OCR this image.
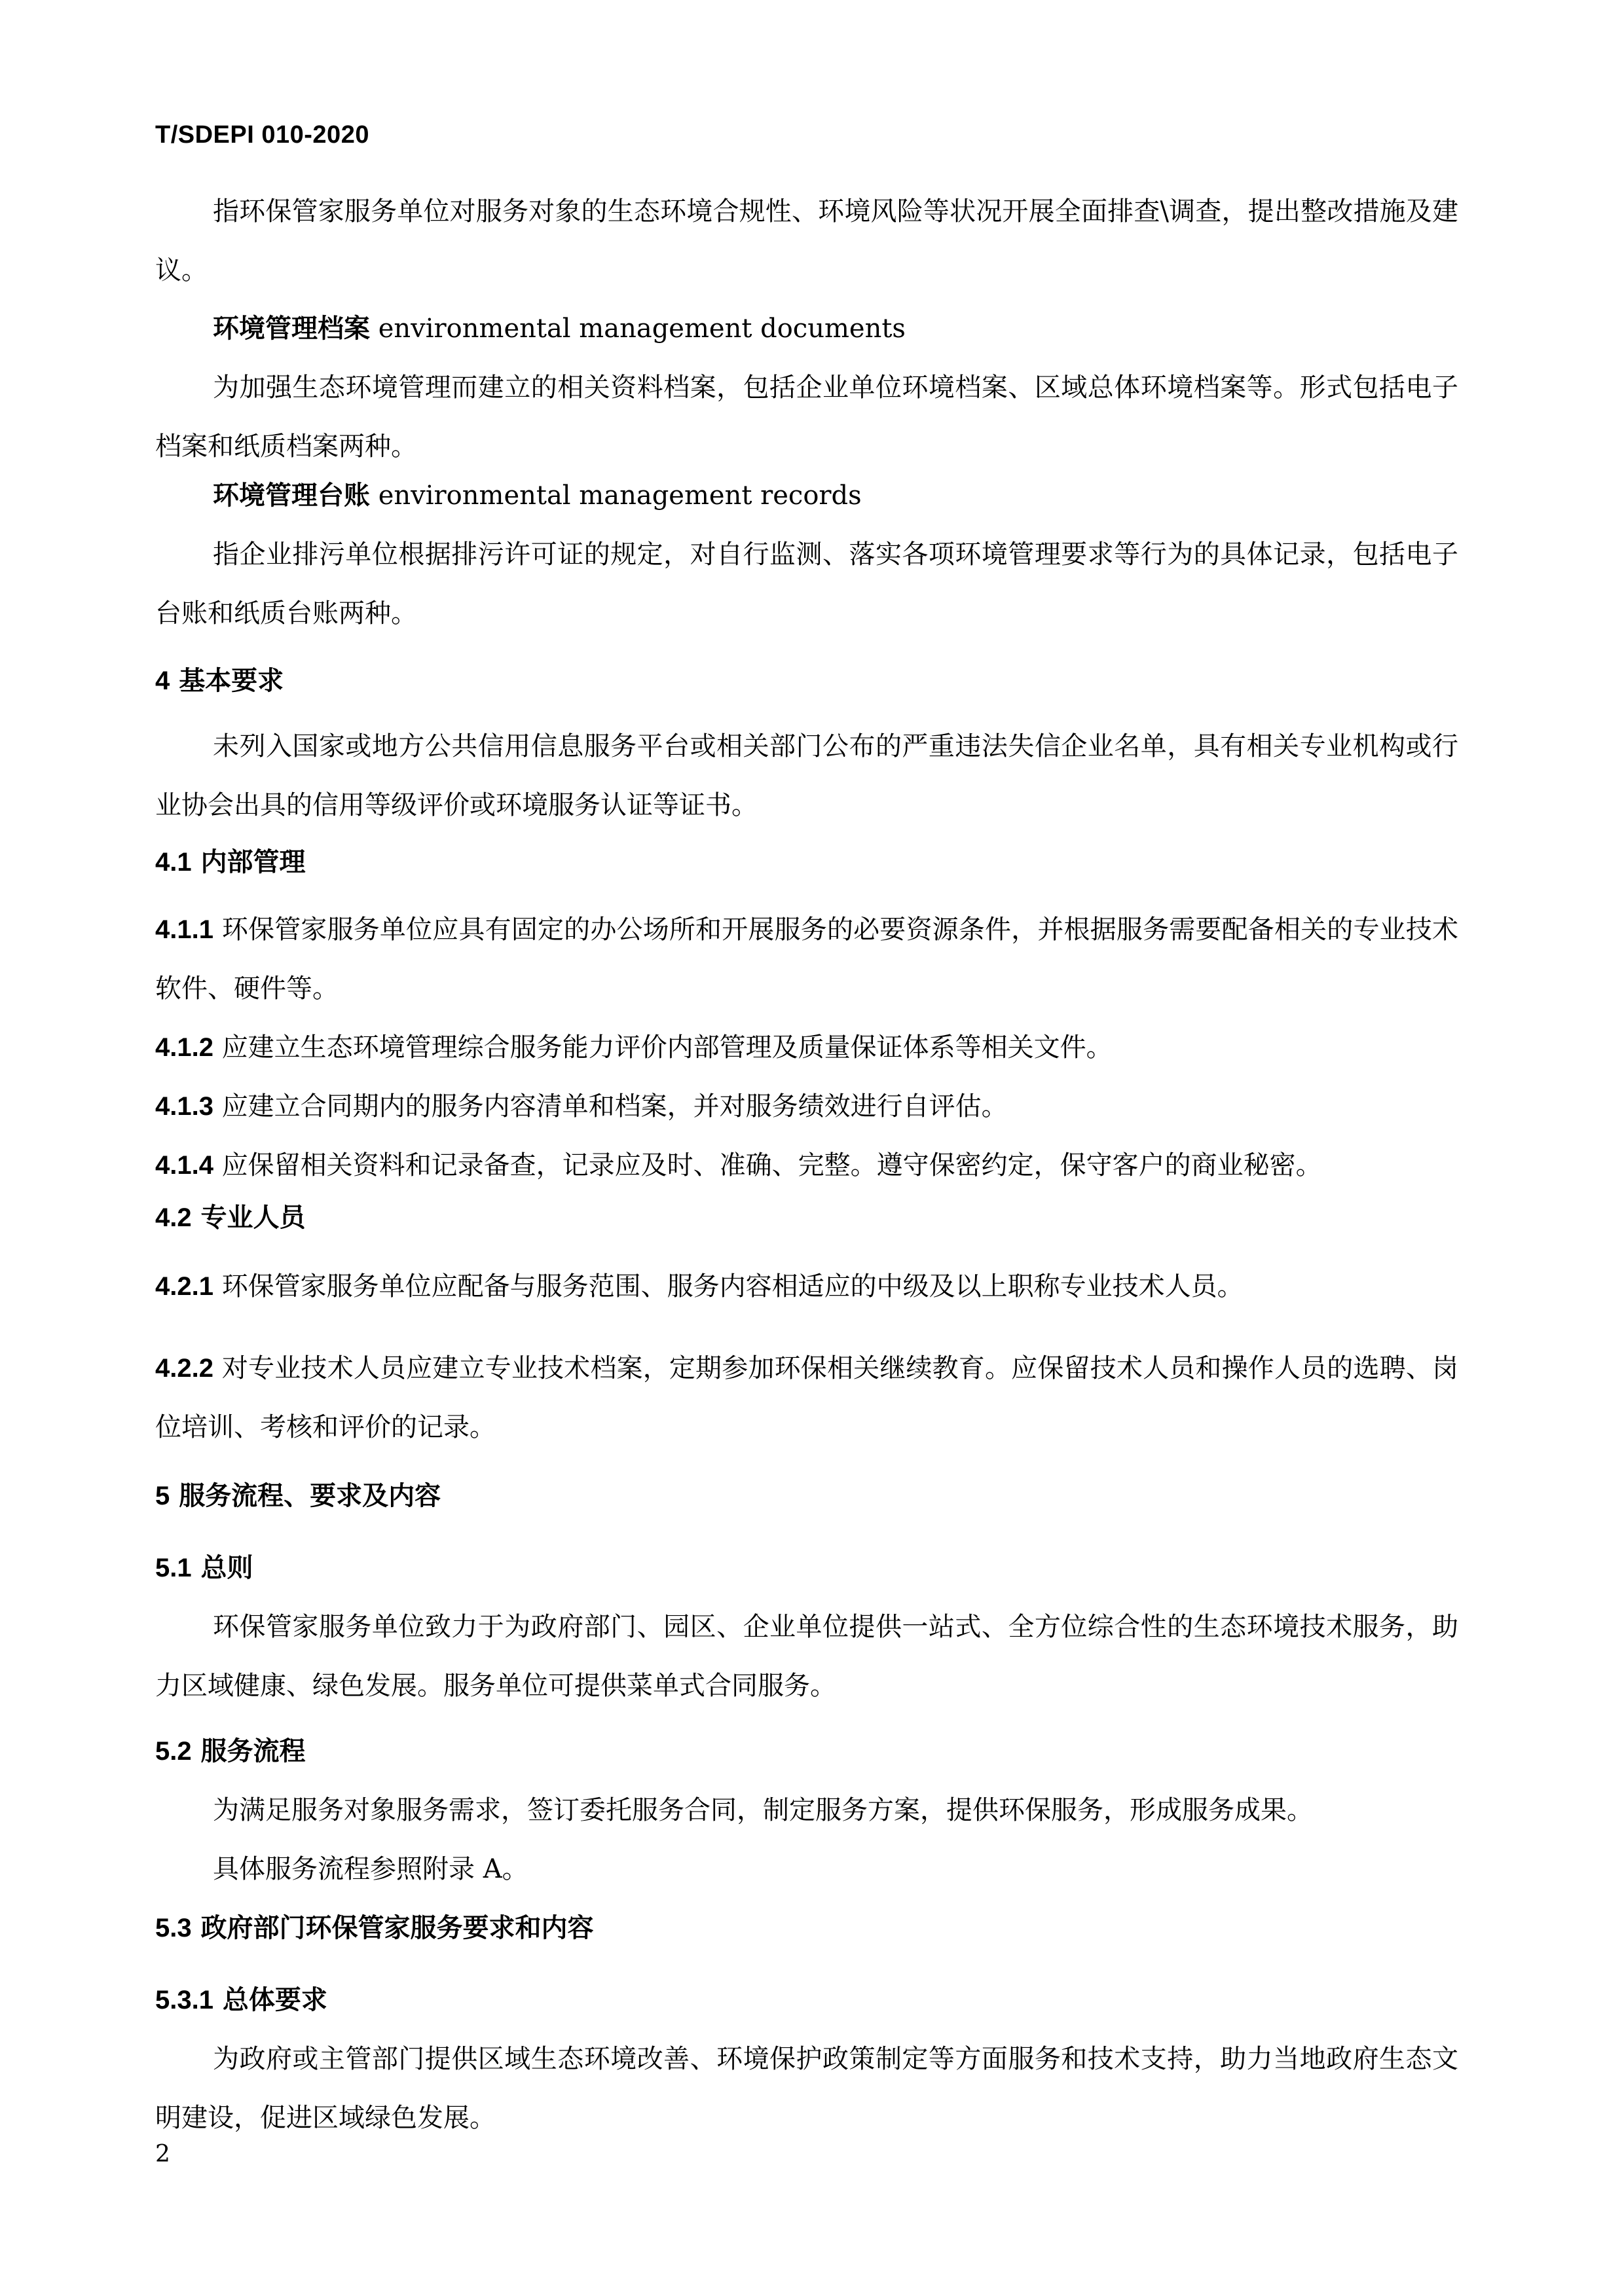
T/SDEPI 010-2020

指环保管家服务单位对服务对象的生态环境合规性、环境风险等状况开展全面排查\调查，提出整改措施及建议。

环境管理档案 environmental management documents

为加强生态环境管理而建立的相关资料档案，包括企业单位环境档案、区域总体环境档案等。形式包括电子档案和纸质档案两种。

环境管理台账 environmental management records

指企业排污单位根据排污许可证的规定，对自行监测、落实各项环境管理要求等行为的具体记录，包括电子台账和纸质台账两种。

4 基本要求

未列入国家或地方公共信用信息服务平台或相关部门公布的严重违法失信企业名单，具有相关专业机构或行业协会出具的信用等级评价或环境服务认证等证书。

4.1 内部管理

4.1.1 环保管家服务单位应具有固定的办公场所和开展服务的必要资源条件，并根据服务需要配备相关的专业技术软件、硬件等。

4.1.2 应建立生态环境管理综合服务能力评价内部管理及质量保证体系等相关文件。

4.1.3 应建立合同期内的服务内容清单和档案，并对服务绩效进行自评估。

4.1.4 应保留相关资料和记录备查，记录应及时、准确、完整。遵守保密约定，保守客户的商业秘密。

4.2 专业人员

4.2.1 环保管家服务单位应配备与服务范围、服务内容相适应的中级及以上职称专业技术人员。

4.2.2 对专业技术人员应建立专业技术档案，定期参加环保相关继续教育。应保留技术人员和操作人员的选聘、岗位培训、考核和评价的记录。

5 服务流程、要求及内容

5.1 总则

环保管家服务单位致力于为政府部门、园区、企业单位提供一站式、全方位综合性的生态环境技术服务，助力区域健康、绿色发展。服务单位可提供菜单式合同服务。

5.2 服务流程

为满足服务对象服务需求，签订委托服务合同，制定服务方案，提供环保服务，形成服务成果。

具体服务流程参照附录 A。

5.3 政府部门环保管家服务要求和内容

5.3.1 总体要求

为政府或主管部门提供区域生态环境改善、环境保护政策制定等方面服务和技术支持，助力当地政府生态文明建设，促进区域绿色发展。

2
